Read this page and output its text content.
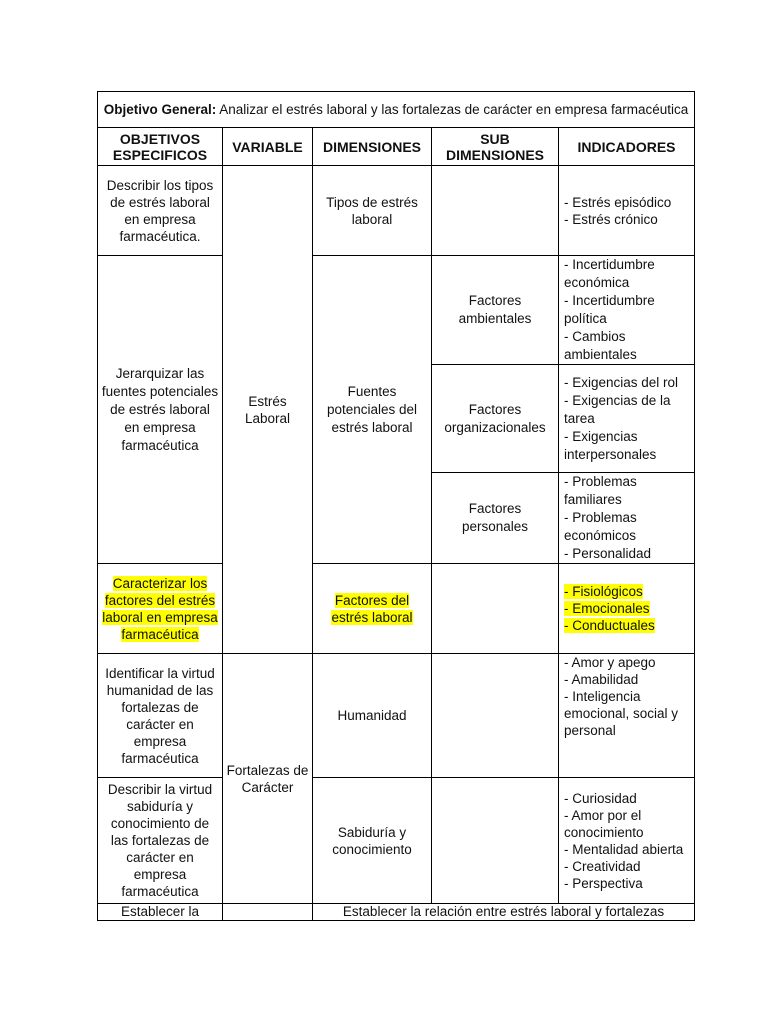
Objetivo General: Analizar el estrés laboral y las fortalezas de carácter en empresa farmacéutica				
OBJETIVOS ESPECIFICOS	VARIABLE	DIMENSIONES	SUB DIMENSIONES	INDICADORES
Describir los tipos de estrés laboral en empresa farmacéutica.	Estrés Laboral	Tipos de estrés laboral		- Estrés episódico
- Estrés crónico

Jerarquizar las fuentes potenciales de estrés laboral en empresa farmacéutica		Fuentes potenciales del estrés laboral	Factores ambientales	- Incertidumbre económica
- Incertidumbre política
- Cambios ambientales

			Factores organizacionales	- Exigencias del rol
- Exigencias de la tarea
- Exigencias interpersonales

			Factores personales	- Problemas familiares
- Problemas económicos
- Personalidad

Caracterizar los factores del estrés laboral en empresa farmacéutica		Factores del estrés laboral		- Fisiológicos
- Emocionales
- Conductuales

Identificar la virtud humanidad de las fortalezas de carácter en empresa farmacéutica	Fortalezas de Carácter	Humanidad		- Amor y apego
- Amabilidad
- Inteligencia emocional, social y personal

Describir la virtud sabiduría y conocimiento de las fortalezas de carácter en empresa farmacéutica		Sabiduría y conocimiento		- Curiosidad
- Amor por el conocimiento
- Mentalidad abierta
- Creatividad
- Perspectiva

Establecer la		Establecer la relación entre estrés laboral y fortalezas		
